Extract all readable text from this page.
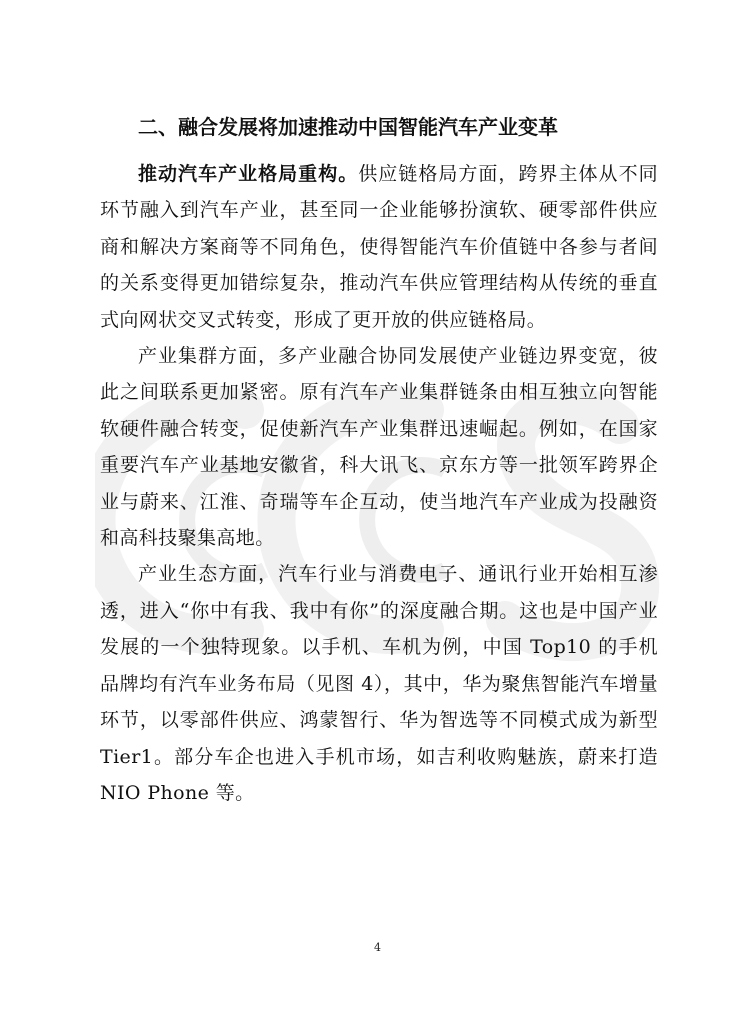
二、融合发展将加速推动中国智能汽车产业变革

推动汽车产业格局重构。供应链格局方面，跨界主体从不同环节融入到汽车产业，甚至同一企业能够扮演软、硬零部件供应商和解决方案商等不同角色，使得智能汽车价值链中各参与者间的关系变得更加错综复杂，推动汽车供应管理结构从传统的垂直式向网状交叉式转变，形成了更开放的供应链格局。

产业集群方面，多产业融合协同发展使产业链边界变宽，彼此之间联系更加紧密。原有汽车产业集群链条由相互独立向智能软硬件融合转变，促使新汽车产业集群迅速崛起。例如，在国家重要汽车产业基地安徽省，科大讯飞、京东方等一批领军跨界企业与蔚来、江淮、奇瑞等车企互动，使当地汽车产业成为投融资和高科技聚集高地。

产业生态方面，汽车行业与消费电子、通讯行业开始相互渗透，进入“你中有我、我中有你”的深度融合期。这也是中国产业发展的一个独特现象。以手机、车机为例，中国 Top10 的手机品牌均有汽车业务布局（见图 4），其中，华为聚焦智能汽车增量环节，以零部件供应、鸿蒙智行、华为智选等不同模式成为新型 Tier1。部分车企也进入手机市场，如吉利收购魅族，蔚来打造 NIO Phone 等。

4
